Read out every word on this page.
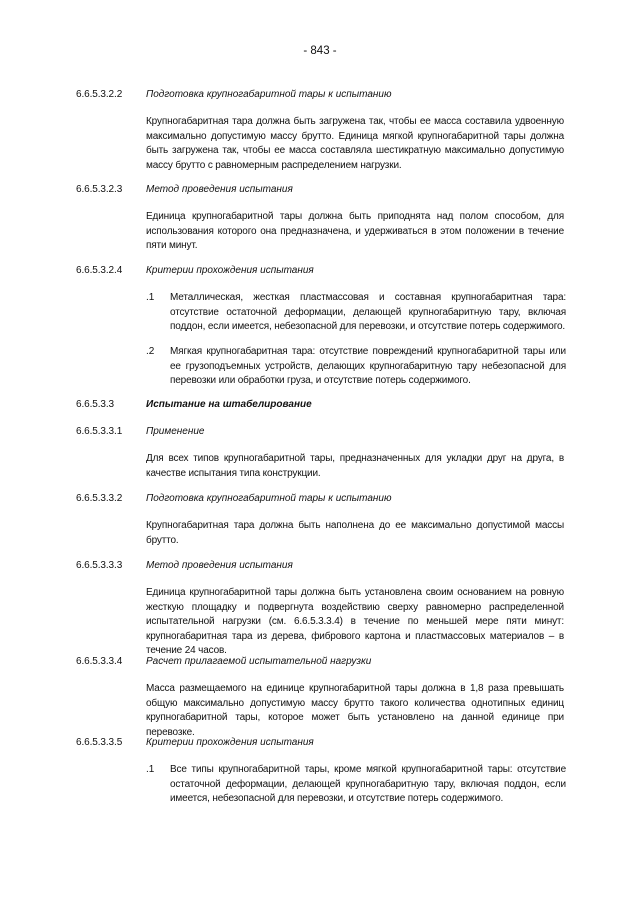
- 843 -
6.6.5.3.2.2 Подготовка крупногабаритной тары к испытанию
Крупногабаритная тара должна быть загружена так, чтобы ее масса составила удвоенную максимально допустимую массу брутто. Единица мягкой крупногабаритной тары должна быть загружена так, чтобы ее масса составляла шестикратную максимально допустимую массу брутто с равномерным распределением нагрузки.
6.6.5.3.2.3 Метод проведения испытания
Единица крупногабаритной тары должна быть приподнята над полом способом, для использования которого она предназначена, и удерживаться в этом положении в течение пяти минут.
6.6.5.3.2.4 Критерии прохождения испытания
.1 Металлическая, жесткая пластмассовая и составная крупногабаритная тара: отсутствие остаточной деформации, делающей крупногабаритную тару, включая поддон, если имеется, небезопасной для перевозки, и отсутствие потерь содержимого.
.2 Мягкая крупногабаритная тара: отсутствие повреждений крупногабаритной тары или ее грузоподъемных устройств, делающих крупногабаритную тару небезопасной для перевозки или обработки груза, и отсутствие потерь содержимого.
6.6.5.3.3	Испытание на штабелирование
6.6.5.3.3.1 Применение
Для всех типов крупногабаритной тары, предназначенных для укладки друг на друга, в качестве испытания типа конструкции.
6.6.5.3.3.2 Подготовка крупногабаритной тары к испытанию
Крупногабаритная тара должна быть наполнена до ее максимально допустимой массы брутто.
6.6.5.3.3.3 Метод проведения испытания
Единица крупногабаритной тары должна быть установлена своим основанием на ровную жесткую площадку и подвергнута воздействию сверху равномерно распределенной испытательной нагрузки (см. 6.6.5.3.3.4) в течение по меньшей мере пяти минут: крупногабаритная тара из дерева, фибрового картона и пластмассовых материалов – в течение 24 часов.
6.6.5.3.3.4 Расчет прилагаемой испытательной нагрузки
Масса размещаемого на единице крупногабаритной тары должна в 1,8 раза превышать общую максимально допустимую массу брутто такого количества однотипных единиц крупногабаритной тары, которое может быть установлено на данной единице при перевозке.
6.6.5.3.3.5 Критерии прохождения испытания
.1 Все типы крупногабаритной тары, кроме мягкой крупногабаритной тары: отсутствие остаточной деформации, делающей крупногабаритную тару, включая поддон, если имеется, небезопасной для перевозки, и отсутствие потерь содержимого.
